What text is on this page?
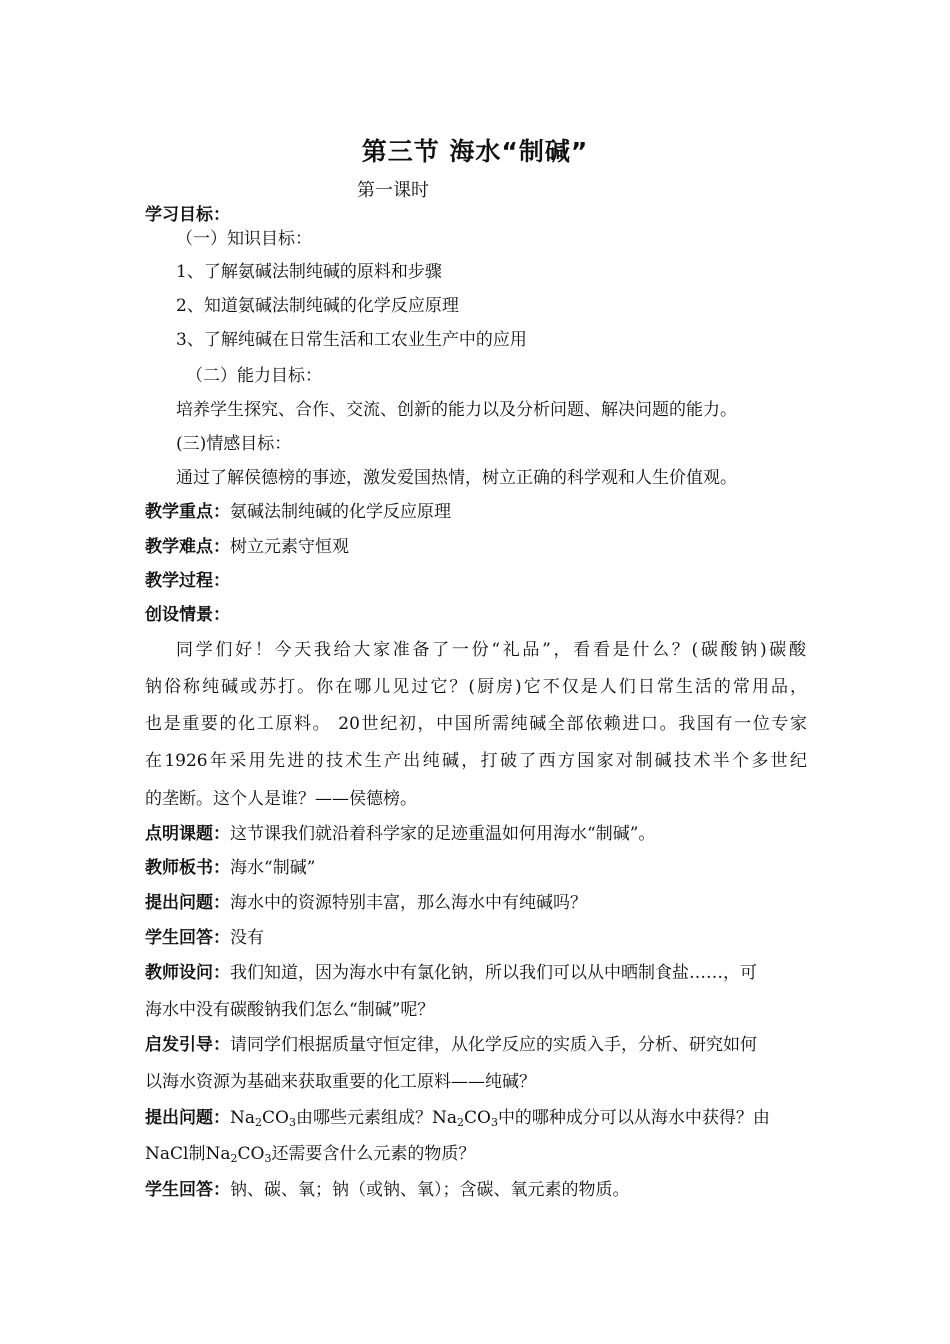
第三节 海水“制碱”
第一课时
学习目标：
（一）知识目标：
1、了解氨碱法制纯碱的原料和步骤
2、知道氨碱法制纯碱的化学反应原理
3、了解纯碱在日常生活和工农业生产中的应用
（二）能力目标：
培养学生探究、合作、交流、创新的能力以及分析问题、解决问题的能力。
(三)情感目标：
通过了解侯德榜的事迹，激发爱国热情，树立正确的科学观和人生价值观。
教学重点：氨碱法制纯碱的化学反应原理
教学难点：树立元素守恒观
教学过程：
创设情景：
同学们好！今天我给大家准备了一份“礼品”，看看是什么？(碳酸钠)碳酸
钠俗称纯碱或苏打。你在哪儿见过它？(厨房)它不仅是人们日常生活的常用品，
也是重要的化工原料。 20世纪初，中国所需纯碱全部依赖进口。我国有一位专家
在1926年采用先进的技术生产出纯碱，打破了西方国家对制碱技术半个多世纪
的垄断。这个人是谁？——侯德榜。
点明课题：这节课我们就沿着科学家的足迹重温如何用海水“制碱”。
教师板书：海水“制碱”
提出问题：海水中的资源特别丰富，那么海水中有纯碱吗？
学生回答：没有
教师设问：我们知道，因为海水中有氯化钠，所以我们可以从中晒制食盐……，可
海水中没有碳酸钠我们怎么“制碱”呢？
启发引导：请同学们根据质量守恒定律，从化学反应的实质入手，分析、研究如何
以海水资源为基础来获取重要的化工原料——纯碱？
提出问题：$Na_2CO_3$由哪些元素组成？$Na_2CO_3$中的哪种成分可以从海水中获得？由
NaCl制$Na_2CO_3$还需要含什么元素的物质？
学生回答：钠、碳、氧；钠（或钠、氧）；含碳、氧元素的物质。
